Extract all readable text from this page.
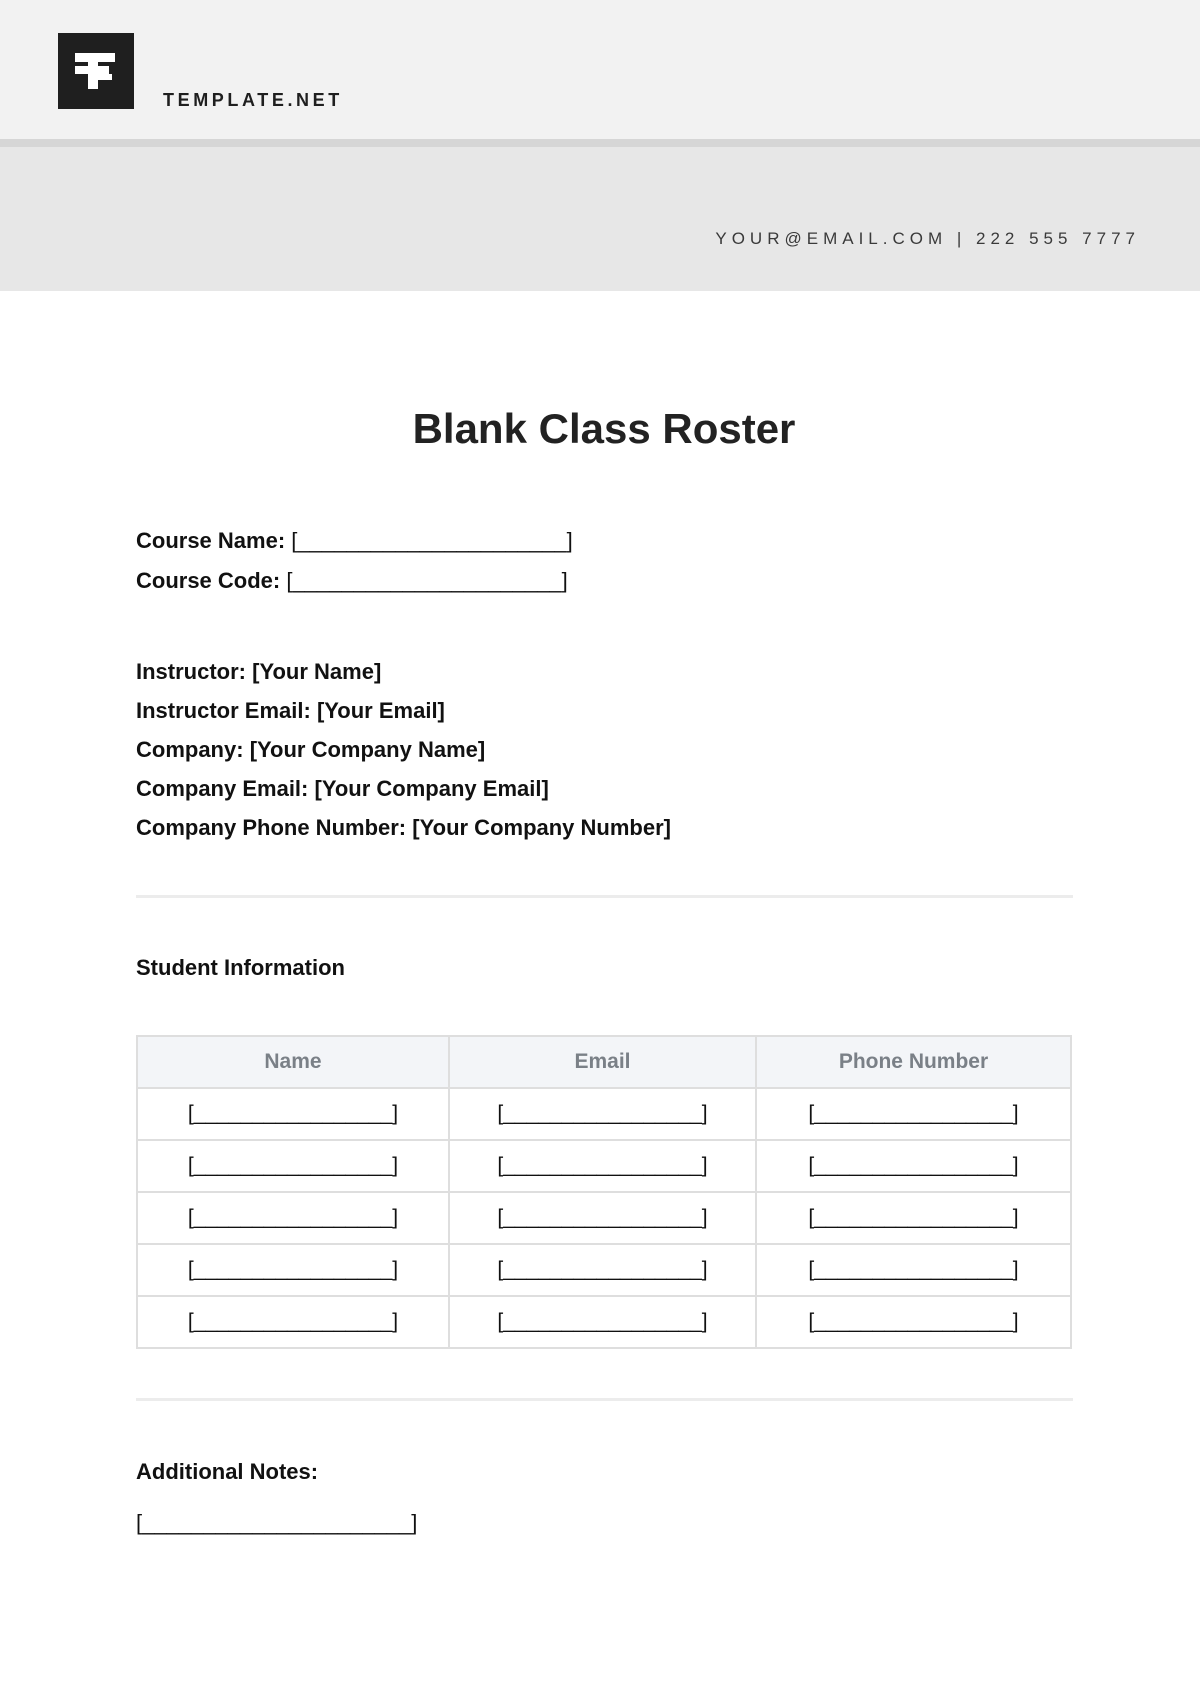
TEMPLATE.NET
YOUR@EMAIL.COM | 222 555 7777
Blank Class Roster
Course Name: [______________________]
Course Code: [______________________]
Instructor: [Your Name]
Instructor Email: [Your Email]
Company: [Your Company Name]
Company Email: [Your Company Email]
Company Phone Number: [Your Company Number]
Student Information
Name	Email	Phone Number
[_________________]	[_________________]	[_________________]
[_________________]	[_________________]	[_________________]
[_________________]	[_________________]	[_________________]
[_________________]	[_________________]	[_________________]
[_________________]	[_________________]	[_________________]
Additional Notes:
[______________________]
